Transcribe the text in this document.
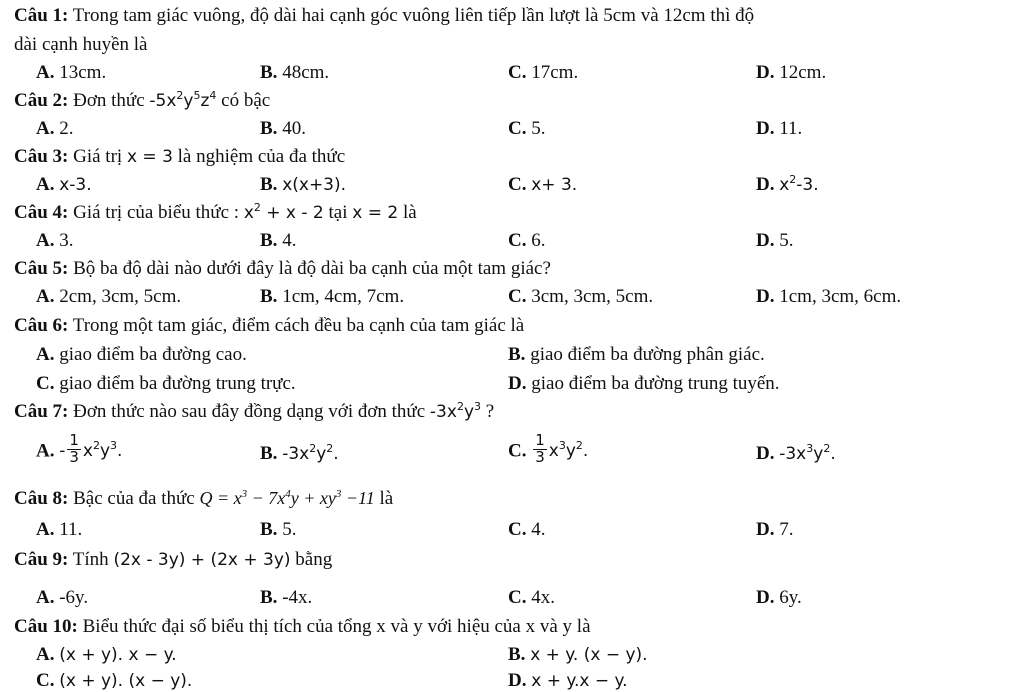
Câu 1: Trong tam giác vuông, độ dài hai cạnh góc vuông liên tiếp lần lượt là 5cm và 12cm thì độ
dài cạnh huyền là
A. 13cm.	B. 48cm.	C. 17cm.	D. 12cm.
Câu 2: Đơn thức $-5x^2y^5z^4$ có bậc
A. 2.	B. 40.	C. 5.	D. 11.
Câu 3: Giá trị x = 3 là nghiệm của đa thức
A. x-3.	B. x(x+3).	C. x+ 3.	D. $x^2-3$.
Câu 4: Giá trị của biểu thức : $x^2 + x - 2$ tại x = 2 là
A. 3.	B. 4.	C. 6.	D. 5.
Câu 5: Bộ ba độ dài nào dưới đây là độ dài ba cạnh của một tam giác?
A. 2cm, 3cm, 5cm.	B. 1cm, 4cm, 7cm.	C. 3cm, 3cm, 5cm.	D. 1cm, 3cm, 6cm.
Câu 6: Trong một tam giác, điểm cách đều ba cạnh của tam giác là
A. giao điểm ba đường cao.	B. giao điểm ba đường phân giác.
C. giao điểm ba đường trung trực.	D. giao điểm ba đường trung tuyến.
Câu 7: Đơn thức nào sau đây đồng dạng với đơn thức $-3x^2y^3$ ?
A. - $\frac{1}{3} x^2y^3$.	B. $-3x^2y^2$.	C. $\frac{1}{3} x^3y^2$.	D. $-3x^3y^2$.
Câu 8: Bậc của đa thức $Q = x^3 - 7x^4y + xy^3 -11$ là
A. 11.	B. 5.	C. 4.	D. 7.
Câu 9: Tính (2x - 3y) + (2x + 3y) bằng
A. -6y.	B. -4x.	C. 4x.	D. 6y.
Câu 10: Biểu thức đại số biểu thị tích của tổng x và y với hiệu của x và y là
A. (x + y). x − y.	B. x + y. (x − y).
C. (x + y). (x − y).	D. x + y.x − y.
